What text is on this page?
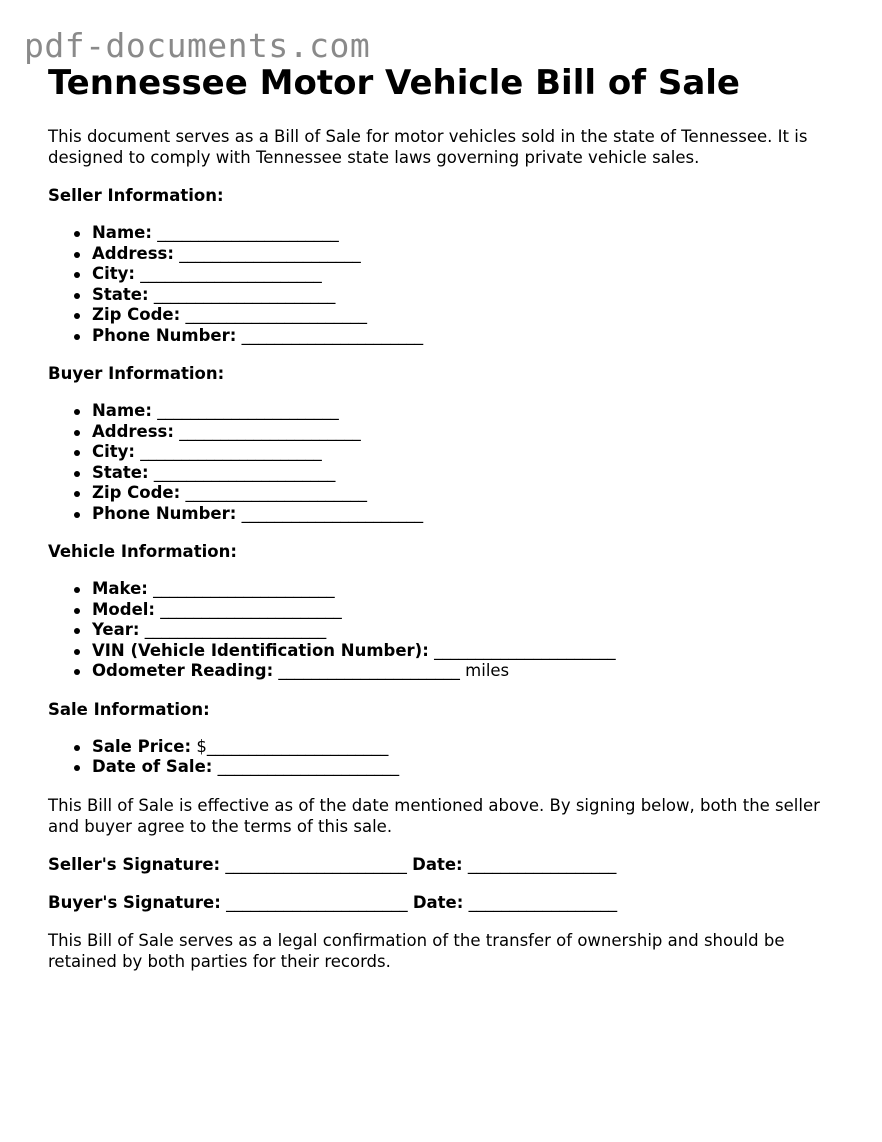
pdf-documents.com
Tennessee Motor Vehicle Bill of Sale

This document serves as a Bill of Sale for motor vehicles sold in the state of Tennessee. It is designed to comply with Tennessee state laws governing private vehicle sales.

Seller Information:
Name: ______________________
Address: ______________________
City: ______________________
State: ______________________
Zip Code: ______________________
Phone Number: ______________________
Buyer Information:
Name: ______________________
Address: ______________________
City: ______________________
State: ______________________
Zip Code: ______________________
Phone Number: ______________________
Vehicle Information:
Make: ______________________
Model: ______________________
Year: ______________________
VIN (Vehicle Identification Number): ______________________
Odometer Reading: ______________________ miles
Sale Information:
Sale Price: $______________________
Date of Sale: ______________________

This Bill of Sale is effective as of the date mentioned above. By signing below, both the seller and buyer agree to the terms of this sale.

Seller's Signature: ______________________ Date: __________________
Buyer's Signature: ______________________ Date: __________________

This Bill of Sale serves as a legal confirmation of the transfer of ownership and should be retained by both parties for their records.
